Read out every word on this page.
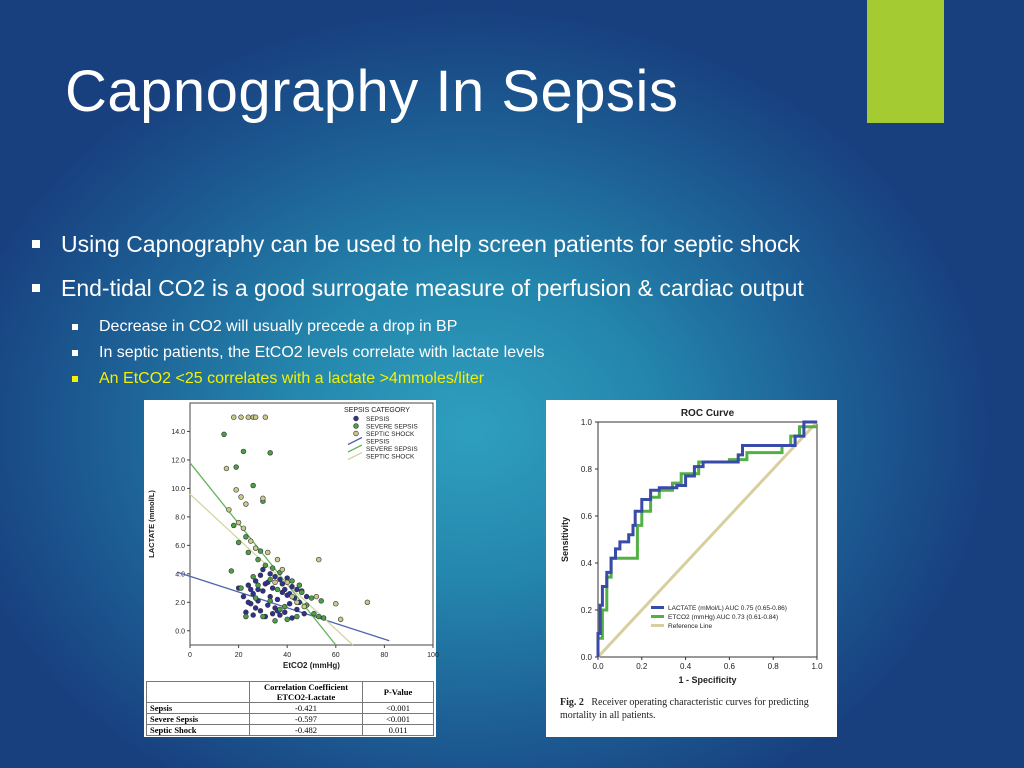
Capnography In Sepsis
Using Capnography can be used to help screen patients for septic shock
End-tidal CO2 is a good surrogate measure of perfusion & cardiac output
Decrease in CO2 will usually precede a drop in BP
In septic patients, the EtCO2 levels correlate with lactate levels
An EtCO2 <25 correlates with a lactate >4mmoles/liter
0.0
2.0
4.0
6.0
8.0
10.0
12.0
14.0
0	20	40	60	80	100
EtCO2 (mmHg)
LACTATE (mmol/L)
SEPSIS CATEGORY
SEPSIS
SEVERE SEPSIS
SEPTIC SHOCK
SEPSIS
SEVERE SEPSIS
SEPTIC SHOCK
	Correlation Coefficient ETCO2-Lactate	P-Value
Sepsis	-0.421	<0.001
Severe Sepsis	-0.597	<0.001
Septic Shock	-0.482	0.011
ROC Curve
0.0
0.2
0.4
0.6
0.8
1.0
0.0	0.2	0.4	0.6	0.8	1.0
1 - Specificity
Sensitivity
LACTATE (mMol/L) AUC 0.75 (0.65-0.86)
ETCO2 (mmHg) AUC 0.73 (0.61-0.84)
Reference Line
Fig. 2 Receiver operating characteristic curves for predicting mortality in all patients.
